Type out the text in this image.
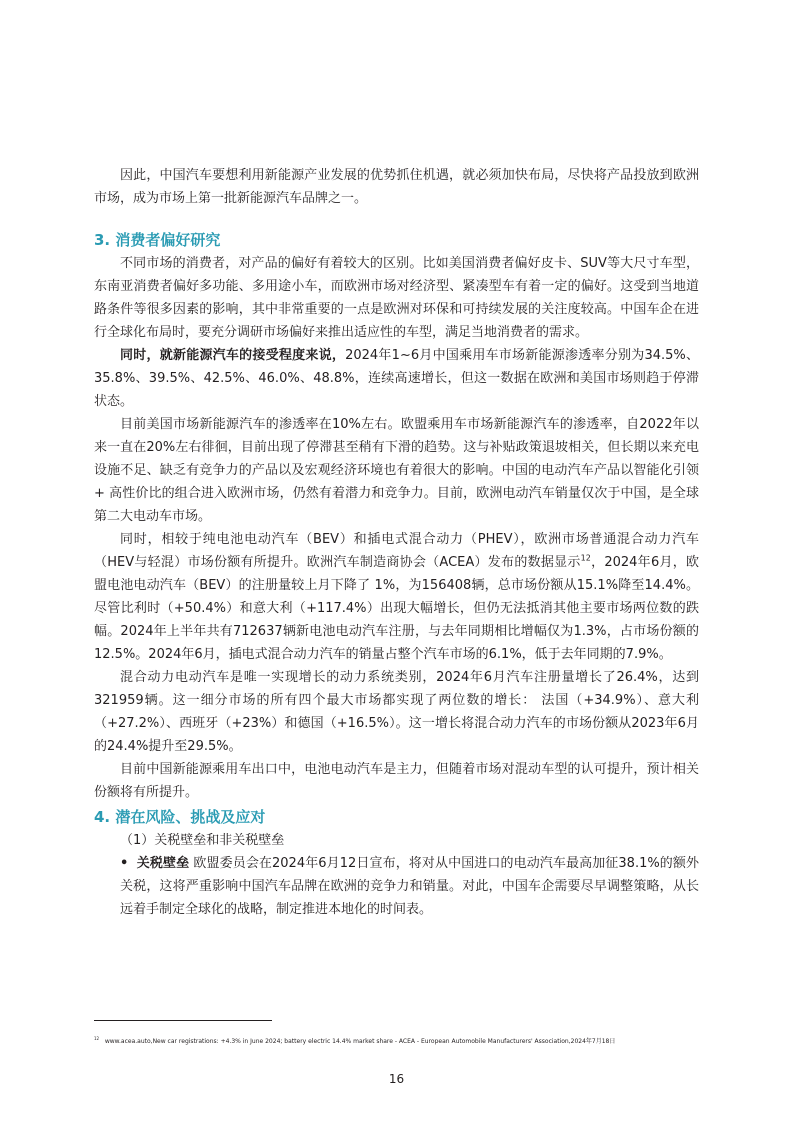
因此，中国汽车要想利用新能源产业发展的优势抓住机遇，就必须加快布局，尽快将产品投放到欧洲市场，成为市场上第一批新能源汽车品牌之一。

3. 消费者偏好研究

不同市场的消费者，对产品的偏好有着较大的区别。比如美国消费者偏好皮卡、SUV等大尺寸车型，东南亚消费者偏好多功能、多用途小车，而欧洲市场对经济型、紧凑型车有着一定的偏好。这受到当地道路条件等很多因素的影响，其中非常重要的一点是欧洲对环保和可持续发展的关注度较高。中国车企在进行全球化布局时，要充分调研市场偏好来推出适应性的车型，满足当地消费者的需求。

同时，就新能源汽车的接受程度来说，2024年1~6月中国乘用车市场新能源渗透率分别为34.5%、35.8%、39.5%、42.5%、46.0%、48.8%，连续高速增长，但这一数据在欧洲和美国市场则趋于停滞状态。

目前美国市场新能源汽车的渗透率在10%左右。欧盟乘用车市场新能源汽车的渗透率，自2022年以来一直在20%左右徘徊，目前出现了停滞甚至稍有下滑的趋势。这与补贴政策退坡相关，但长期以来充电设施不足、缺乏有竞争力的产品以及宏观经济环境也有着很大的影响。中国的电动汽车产品以智能化引领 + 高性价比的组合进入欧洲市场，仍然有着潜力和竞争力。目前，欧洲电动汽车销量仅次于中国，是全球第二大电动车市场。

同时，相较于纯电池电动汽车（BEV）和插电式混合动力（PHEV），欧洲市场普通混合动力汽车（HEV与轻混）市场份额有所提升。欧洲汽车制造商协会（ACEA）发布的数据显示$^{12}$，2024年6月，欧盟电池电动汽车（BEV）的注册量较上月下降了 1%，为156408辆，总市场份额从15.1%降至14.4%。尽管比利时（+50.4%）和意大利（+117.4%）出现大幅增长，但仍无法抵消其他主要市场两位数的跌幅。2024年上半年共有712637辆新电池电动汽车注册，与去年同期相比增幅仅为1.3%，占市场份额的12.5%。2024年6月，插电式混合动力汽车的销量占整个汽车市场的6.1%，低于去年同期的7.9%。

混合动力电动汽车是唯一实现增长的动力系统类别，2024年6月汽车注册量增长了26.4%，达到321959辆。这一细分市场的所有四个最大市场都实现了两位数的增长： 法国（+34.9%）、意大利（+27.2%）、西班牙（+23%）和德国（+16.5%）。这一增长将混合动力汽车的市场份额从2023年6月的24.4%提升至29.5%。

目前中国新能源乘用车出口中，电池电动汽车是主力，但随着市场对混动车型的认可提升，预计相关份额将有所提升。

4. 潜在风险、挑战及应对

（1）关税壁垒和非关税壁垒

• 关税壁垒 欧盟委员会在2024年6月12日宣布，将对从中国进口的电动汽车最高加征38.1%的额外关税，这将严重影响中国汽车品牌在欧洲的竞争力和销量。对此，中国车企需要尽早调整策略，从长远着手制定全球化的战略，制定推进本地化的时间表。

$^{12}$ www.acea.auto,New car registrations: +4.3% in June 2024; battery electric 14.4% market share - ACEA - European Automobile Manufacturers' Association,2024年7月18日
16
